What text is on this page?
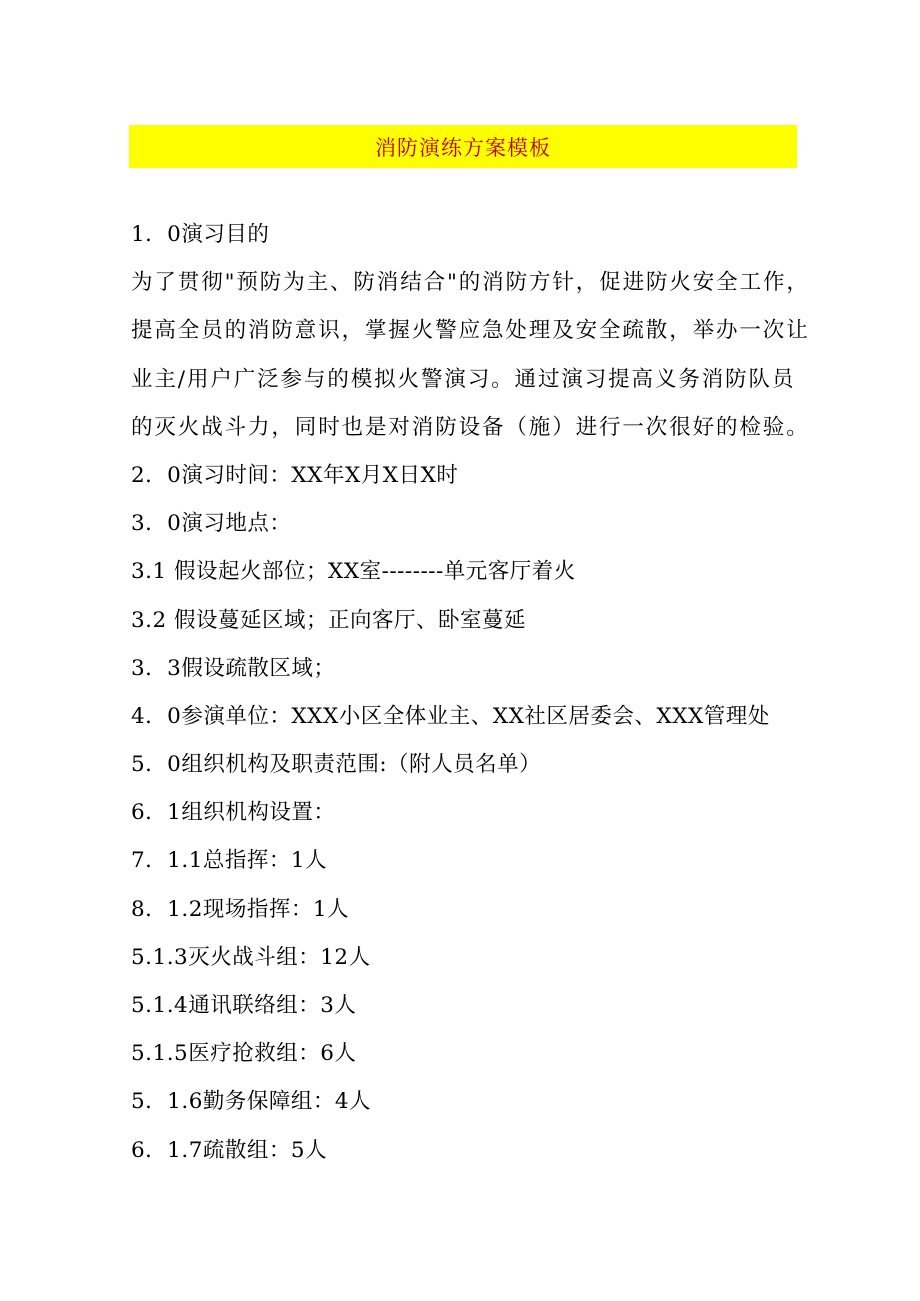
消防演练方案模板
1．0演习目的
为了贯彻"预防为主、防消结合"的消防方针，促进防火安全工作，
提高全员的消防意识，掌握火警应急处理及安全疏散，举办一次让
业主/用户广泛参与的模拟火警演习。通过演习提高义务消防队员
的灭火战斗力，同时也是对消防设备（施）进行一次很好的检验。
2．0演习时间：XX年X月X日X时
3．0演习地点：
3.1 假设起火部位；XX室--------单元客厅着火
3.2 假设蔓延区域；正向客厅、卧室蔓延
3．3假设疏散区域；
4．0参演单位：XXX小区全体业主、XX社区居委会、XXX管理处
5．0组织机构及职责范围:（附人员名单）
6．1组织机构设置：
7．1.1总指挥：1人
8．1.2现场指挥：1人
5.1.3灭火战斗组：12人
5.1.4通讯联络组：3人
5.1.5医疗抢救组：6人
5．1.6勤务保障组：4人
6．1.7疏散组：5人
